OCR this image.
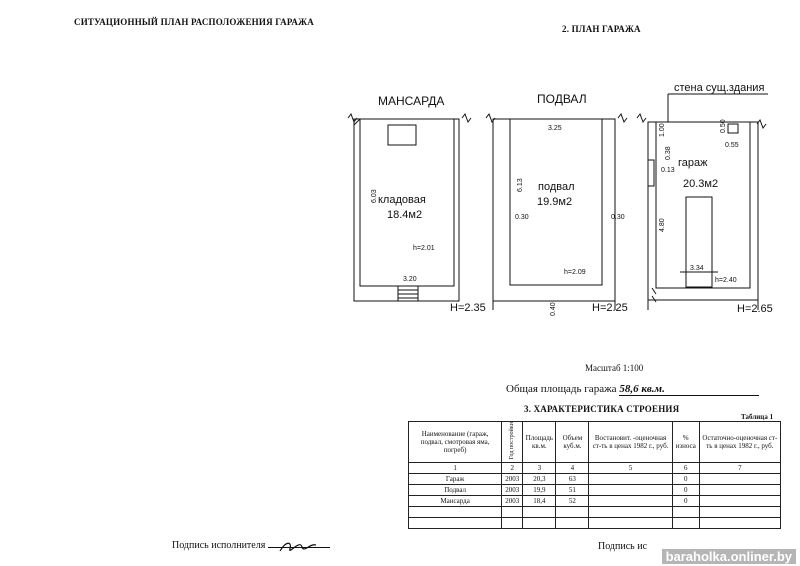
СИТУАЦИОННЫЙ ПЛАН РАСПОЛОЖЕНИЯ ГАРАЖА
2. ПЛАН ГАРАЖА
МАНСАРДА
кладовая
18.4м2
h=2.01
3.20
H=2.35
6.03
ПОДВАЛ
3.25
подвал
19.9м2
0.30	0.30
h=2.09
H=2.25
6.13
0.40
стена сущ.здания
гараж
20.3м2
0.55
0.13
3.34
h=2.40
H=2.65
1.00
0.38
0.50
4.80
Масштаб 1:100
Общая площадь гаража 58,6 кв.м.
3. ХАРАКТЕРИСТИКА СТРОЕНИЯ
Таблица 1
Наименование (гараж, подвал, смотровая яма, погреб)	Год постройки	Площадь кв.м.	Объем куб.м.	Востановит. -оценочная ст-ть в ценах 1982 г., руб.	% износа	Остаточно-оценочная ст-ть в ценах 1982 г., руб.
1	2	3	4	5	6	7
Гараж	2003	20,3	63		0	
Подвал	2003	19,9	51		0	
Мансарда	2003	18,4	52		0	

Подпись исполнителя	Подпись ис
baraholka.onliner.by
